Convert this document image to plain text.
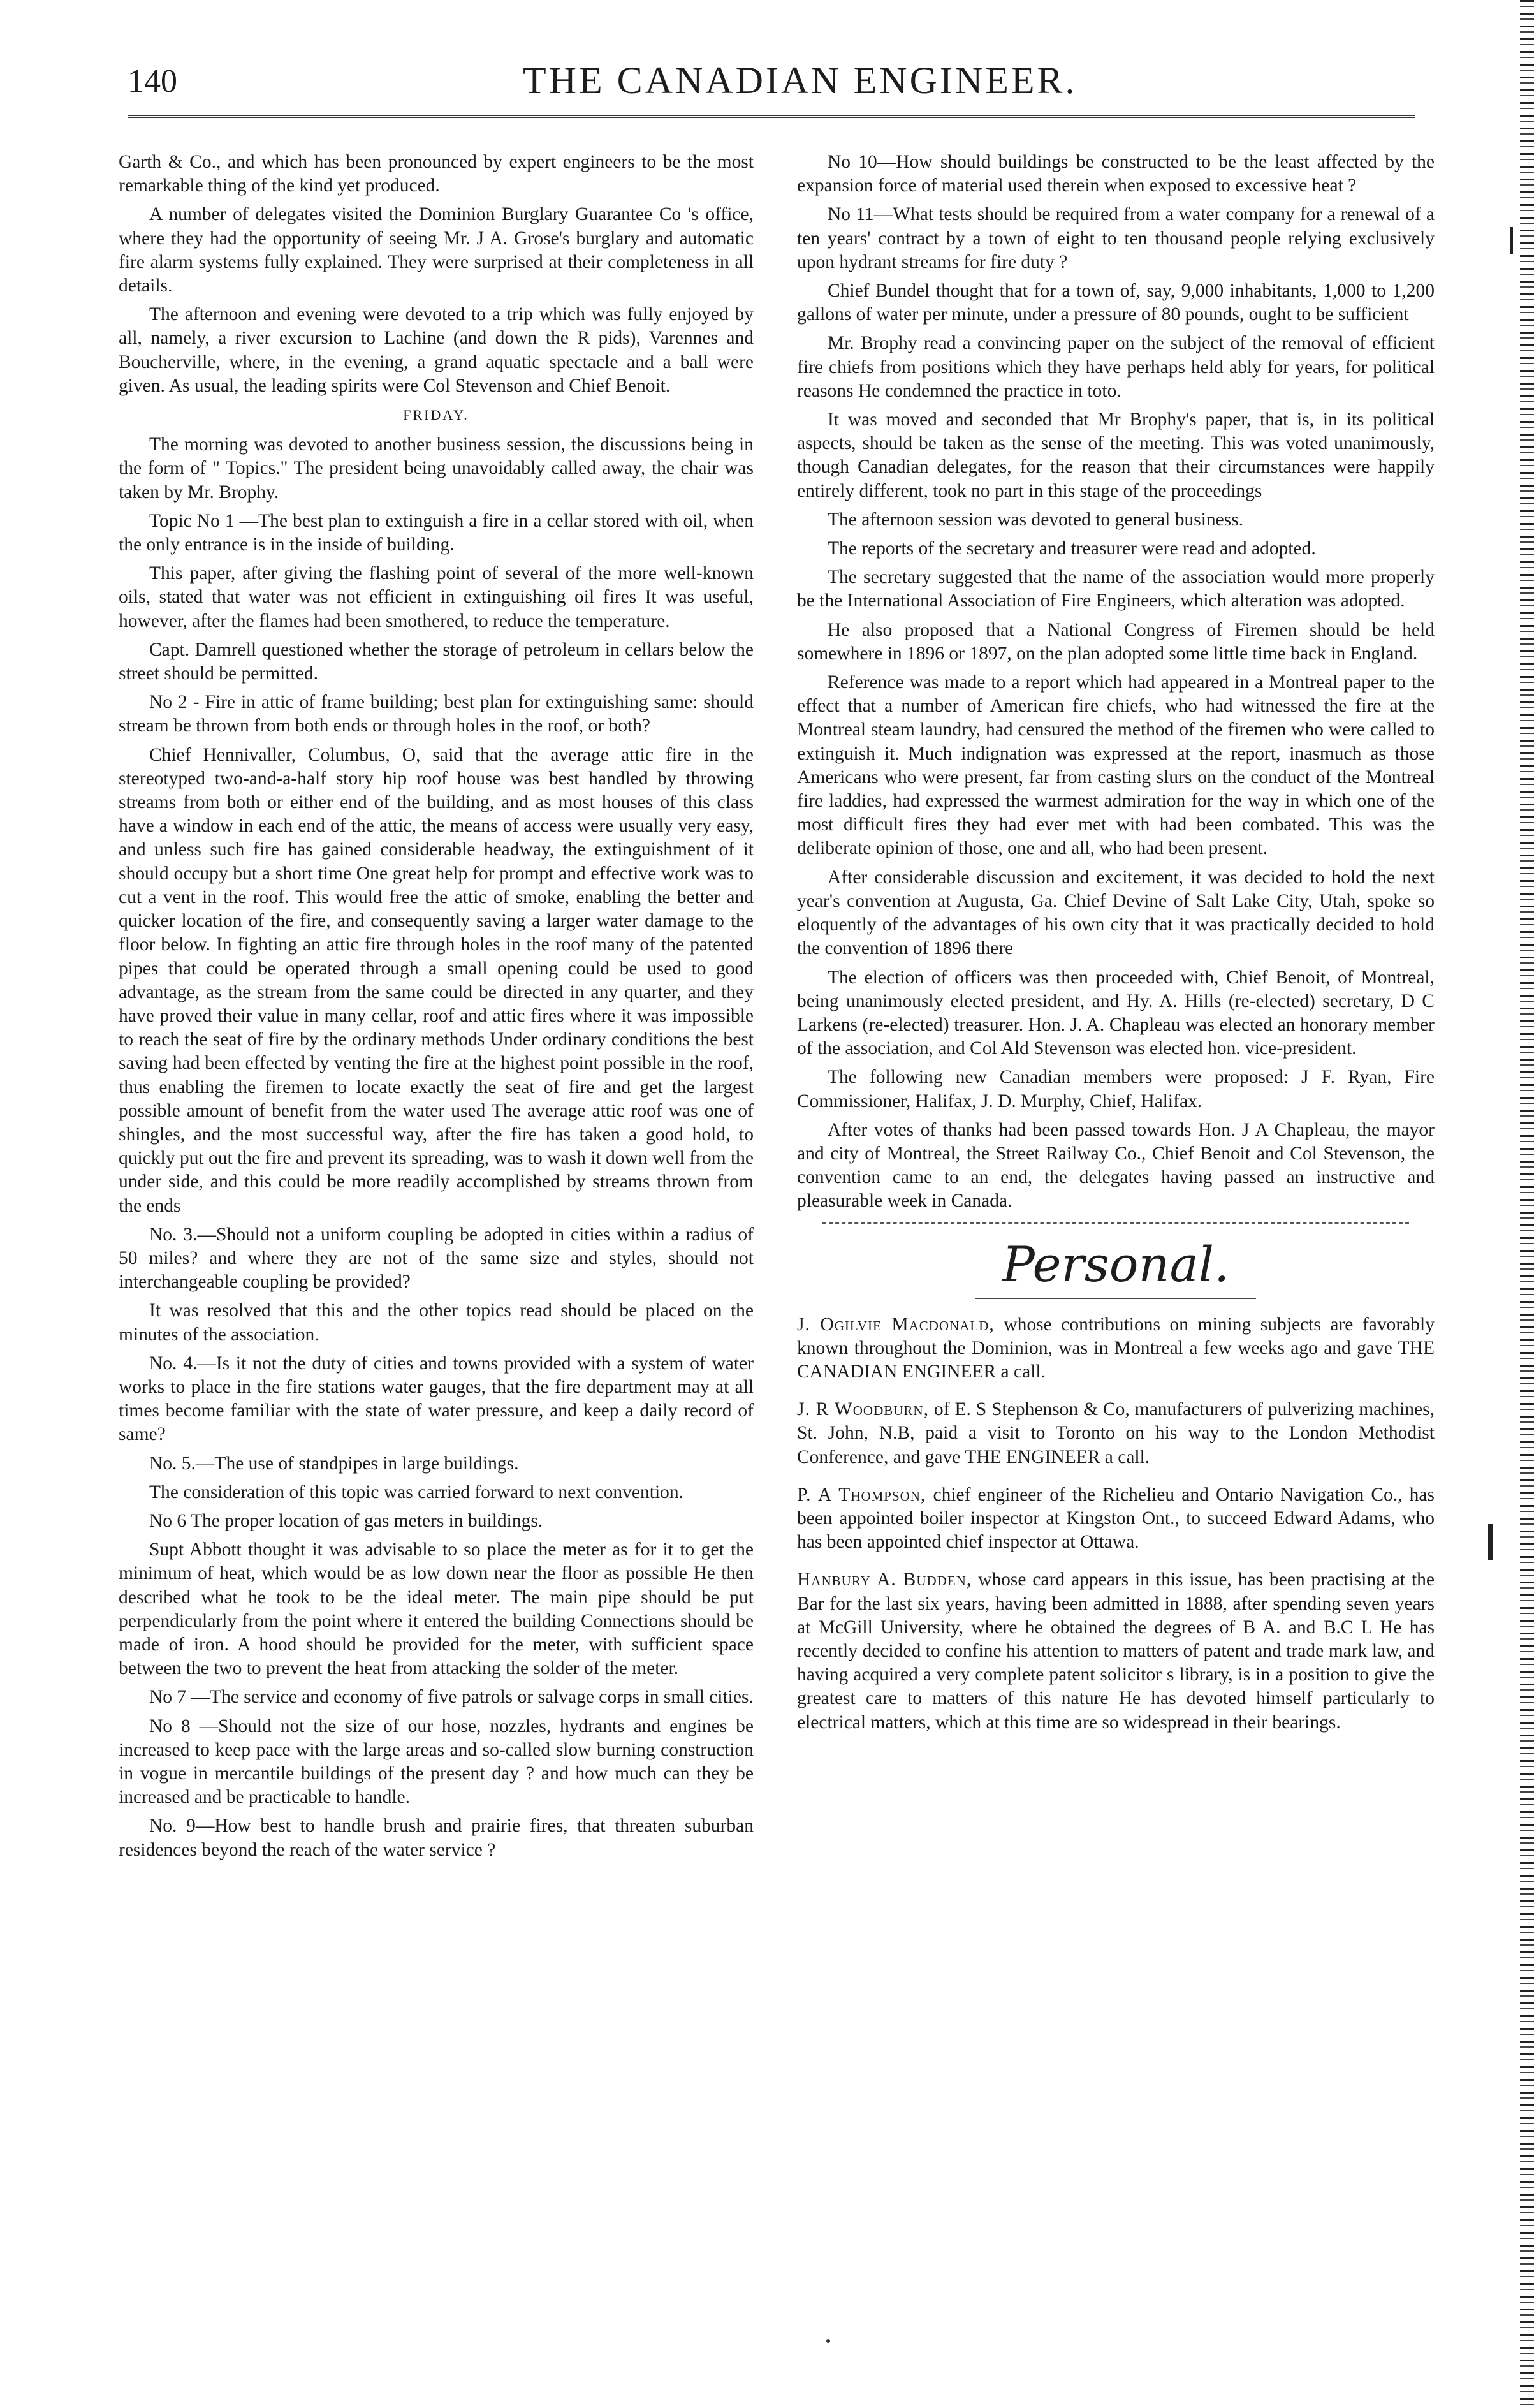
140	THE CANADIAN ENGINEER.

Garth & Co., and which has been pronounced by expert engineers to be the most remarkable thing of the kind yet produced.

A number of delegates visited the Dominion Burglary Guarantee Co 's office, where they had the opportunity of seeing Mr. J A. Grose's burglary and automatic fire alarm systems fully explained. They were surprised at their completeness in all details.

The afternoon and evening were devoted to a trip which was fully enjoyed by all, namely, a river excursion to Lachine (and down the R pids), Varennes and Boucherville, where, in the evening, a grand aquatic spectacle and a ball were given. As usual, the leading spirits were Col Stevenson and Chief Benoit.

FRIDAY.

The morning was devoted to another business session, the discussions being in the form of " Topics." The president being unavoidably called away, the chair was taken by Mr. Brophy.

Topic No 1 —The best plan to extinguish a fire in a cellar stored with oil, when the only entrance is in the inside of building.

This paper, after giving the flashing point of several of the more well-known oils, stated that water was not efficient in extinguishing oil fires It was useful, however, after the flames had been smothered, to reduce the temperature.

Capt. Damrell questioned whether the storage of petroleum in cellars below the street should be permitted.

No 2 - Fire in attic of frame building; best plan for extinguishing same: should stream be thrown from both ends or through holes in the roof, or both?

Chief Hennivaller, Columbus, O, said that the average attic fire in the stereotyped two-and-a-half story hip roof house was best handled by throwing streams from both or either end of the building, and as most houses of this class have a window in each end of the attic, the means of access were usually very easy, and unless such fire has gained considerable headway, the extinguishment of it should occupy but a short time One great help for prompt and effective work was to cut a vent in the roof. This would free the attic of smoke, enabling the better and quicker location of the fire, and consequently saving a larger water damage to the floor below. In fighting an attic fire through holes in the roof many of the patented pipes that could be operated through a small opening could be used to good advantage, as the stream from the same could be directed in any quarter, and they have proved their value in many cellar, roof and attic fires where it was impossible to reach the seat of fire by the ordinary methods Under ordinary conditions the best saving had been effected by venting the fire at the highest point possible in the roof, thus enabling the firemen to locate exactly the seat of fire and get the largest possible amount of benefit from the water used The average attic roof was one of shingles, and the most successful way, after the fire has taken a good hold, to quickly put out the fire and prevent its spreading, was to wash it down well from the under side, and this could be more readily accomplished by streams thrown from the ends

No. 3.—Should not a uniform coupling be adopted in cities within a radius of 50 miles? and where they are not of the same size and styles, should not interchangeable coupling be provided?

It was resolved that this and the other topics read should be placed on the minutes of the association.

No. 4.—Is it not the duty of cities and towns provided with a system of water works to place in the fire stations water gauges, that the fire department may at all times become familiar with the state of water pressure, and keep a daily record of same?

No. 5.—The use of standpipes in large buildings.

The consideration of this topic was carried forward to next convention.

No 6 The proper location of gas meters in buildings.

Supt Abbott thought it was advisable to so place the meter as for it to get the minimum of heat, which would be as low down near the floor as possible He then described what he took to be the ideal meter. The main pipe should be put perpendicularly from the point where it entered the building Connections should be made of iron. A hood should be provided for the meter, with sufficient space between the two to prevent the heat from attacking the solder of the meter.

No 7 —The service and economy of five patrols or salvage corps in small cities.

No 8 —Should not the size of our hose, nozzles, hydrants and engines be increased to keep pace with the large areas and so-called slow burning construction in vogue in mercantile buildings of the present day ? and how much can they be increased and be practicable to handle.

No. 9—How best to handle brush and prairie fires, that threaten suburban residences beyond the reach of the water service ?

No 10—How should buildings be constructed to be the least affected by the expansion force of material used therein when exposed to excessive heat ?

No 11—What tests should be required from a water company for a renewal of a ten years' contract by a town of eight to ten thousand people relying exclusively upon hydrant streams for fire duty ?

Chief Bundel thought that for a town of, say, 9,000 inhabitants, 1,000 to 1,200 gallons of water per minute, under a pressure of 80 pounds, ought to be sufficient

Mr. Brophy read a convincing paper on the subject of the removal of efficient fire chiefs from positions which they have perhaps held ably for years, for political reasons He condemned the practice in toto.

It was moved and seconded that Mr Brophy's paper, that is, in its political aspects, should be taken as the sense of the meeting. This was voted unanimously, though Canadian delegates, for the reason that their circumstances were happily entirely different, took no part in this stage of the proceedings

The afternoon session was devoted to general business.

The reports of the secretary and treasurer were read and adopted.

The secretary suggested that the name of the association would more properly be the International Association of Fire Engineers, which alteration was adopted.

He also proposed that a National Congress of Firemen should be held somewhere in 1896 or 1897, on the plan adopted some little time back in England.

Reference was made to a report which had appeared in a Montreal paper to the effect that a number of American fire chiefs, who had witnessed the fire at the Montreal steam laundry, had censured the method of the firemen who were called to extinguish it. Much indignation was expressed at the report, inasmuch as those Americans who were present, far from casting slurs on the conduct of the Montreal fire laddies, had expressed the warmest admiration for the way in which one of the most difficult fires they had ever met with had been combated. This was the deliberate opinion of those, one and all, who had been present.

After considerable discussion and excitement, it was decided to hold the next year's convention at Augusta, Ga. Chief Devine of Salt Lake City, Utah, spoke so eloquently of the advantages of his own city that it was practically decided to hold the convention of 1896 there

The election of officers was then proceeded with, Chief Benoit, of Montreal, being unanimously elected president, and Hy. A. Hills (re-elected) secretary, D C Larkens (re-elected) treasurer. Hon. J. A. Chapleau was elected an honorary member of the association, and Col Ald Stevenson was elected hon. vice-president.

The following new Canadian members were proposed: J F. Ryan, Fire Commissioner, Halifax, J. D. Murphy, Chief, Halifax.

After votes of thanks had been passed towards Hon. J A Chapleau, the mayor and city of Montreal, the Street Railway Co., Chief Benoit and Col Stevenson, the convention came to an end, the delegates having passed an instructive and pleasurable week in Canada.

Personal.

J. Ogilvie Macdonald, whose contributions on mining subjects are favorably known throughout the Dominion, was in Montreal a few weeks ago and gave THE CANADIAN ENGINEER a call.

J. R Woodburn, of E. S Stephenson & Co, manufacturers of pulverizing machines, St. John, N.B, paid a visit to Toronto on his way to the London Methodist Conference, and gave THE ENGINEER a call.

P. A Thompson, chief engineer of the Richelieu and Ontario Navigation Co., has been appointed boiler inspector at Kingston Ont., to succeed Edward Adams, who has been appointed chief inspector at Ottawa.

Hanbury A. Budden, whose card appears in this issue, has been practising at the Bar for the last six years, having been admitted in 1888, after spending seven years at McGill University, where he obtained the degrees of B A. and B.C L He has recently decided to confine his attention to matters of patent and trade mark law, and having acquired a very complete patent solicitor s library, is in a position to give the greatest care to matters of this nature He has devoted himself particularly to electrical matters, which at this time are so widespread in their bearings.
